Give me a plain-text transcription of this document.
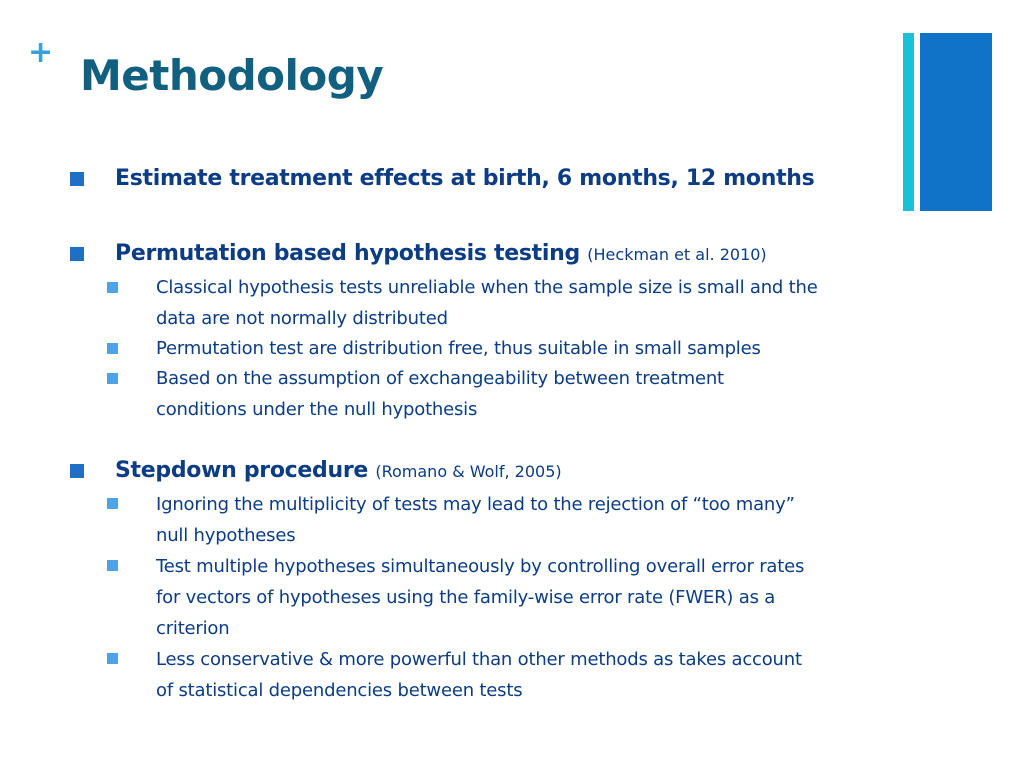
+ Methodology
Estimate treatment effects at birth, 6 months, 12 months
Permutation based hypothesis testing (Heckman et al. 2010)
Classical hypothesis tests unreliable when the sample size is small and the
data are not normally distributed
Permutation test are distribution free, thus suitable in small samples
Based on the assumption of exchangeability between treatment
conditions under the null hypothesis
Stepdown procedure (Romano & Wolf, 2005)
Ignoring the multiplicity of tests may lead to the rejection of “too many”
null hypotheses
Test multiple hypotheses simultaneously by controlling overall error rates
for vectors of hypotheses using the family-wise error rate (FWER) as a
criterion
Less conservative & more powerful than other methods as takes account
of statistical dependencies between tests
